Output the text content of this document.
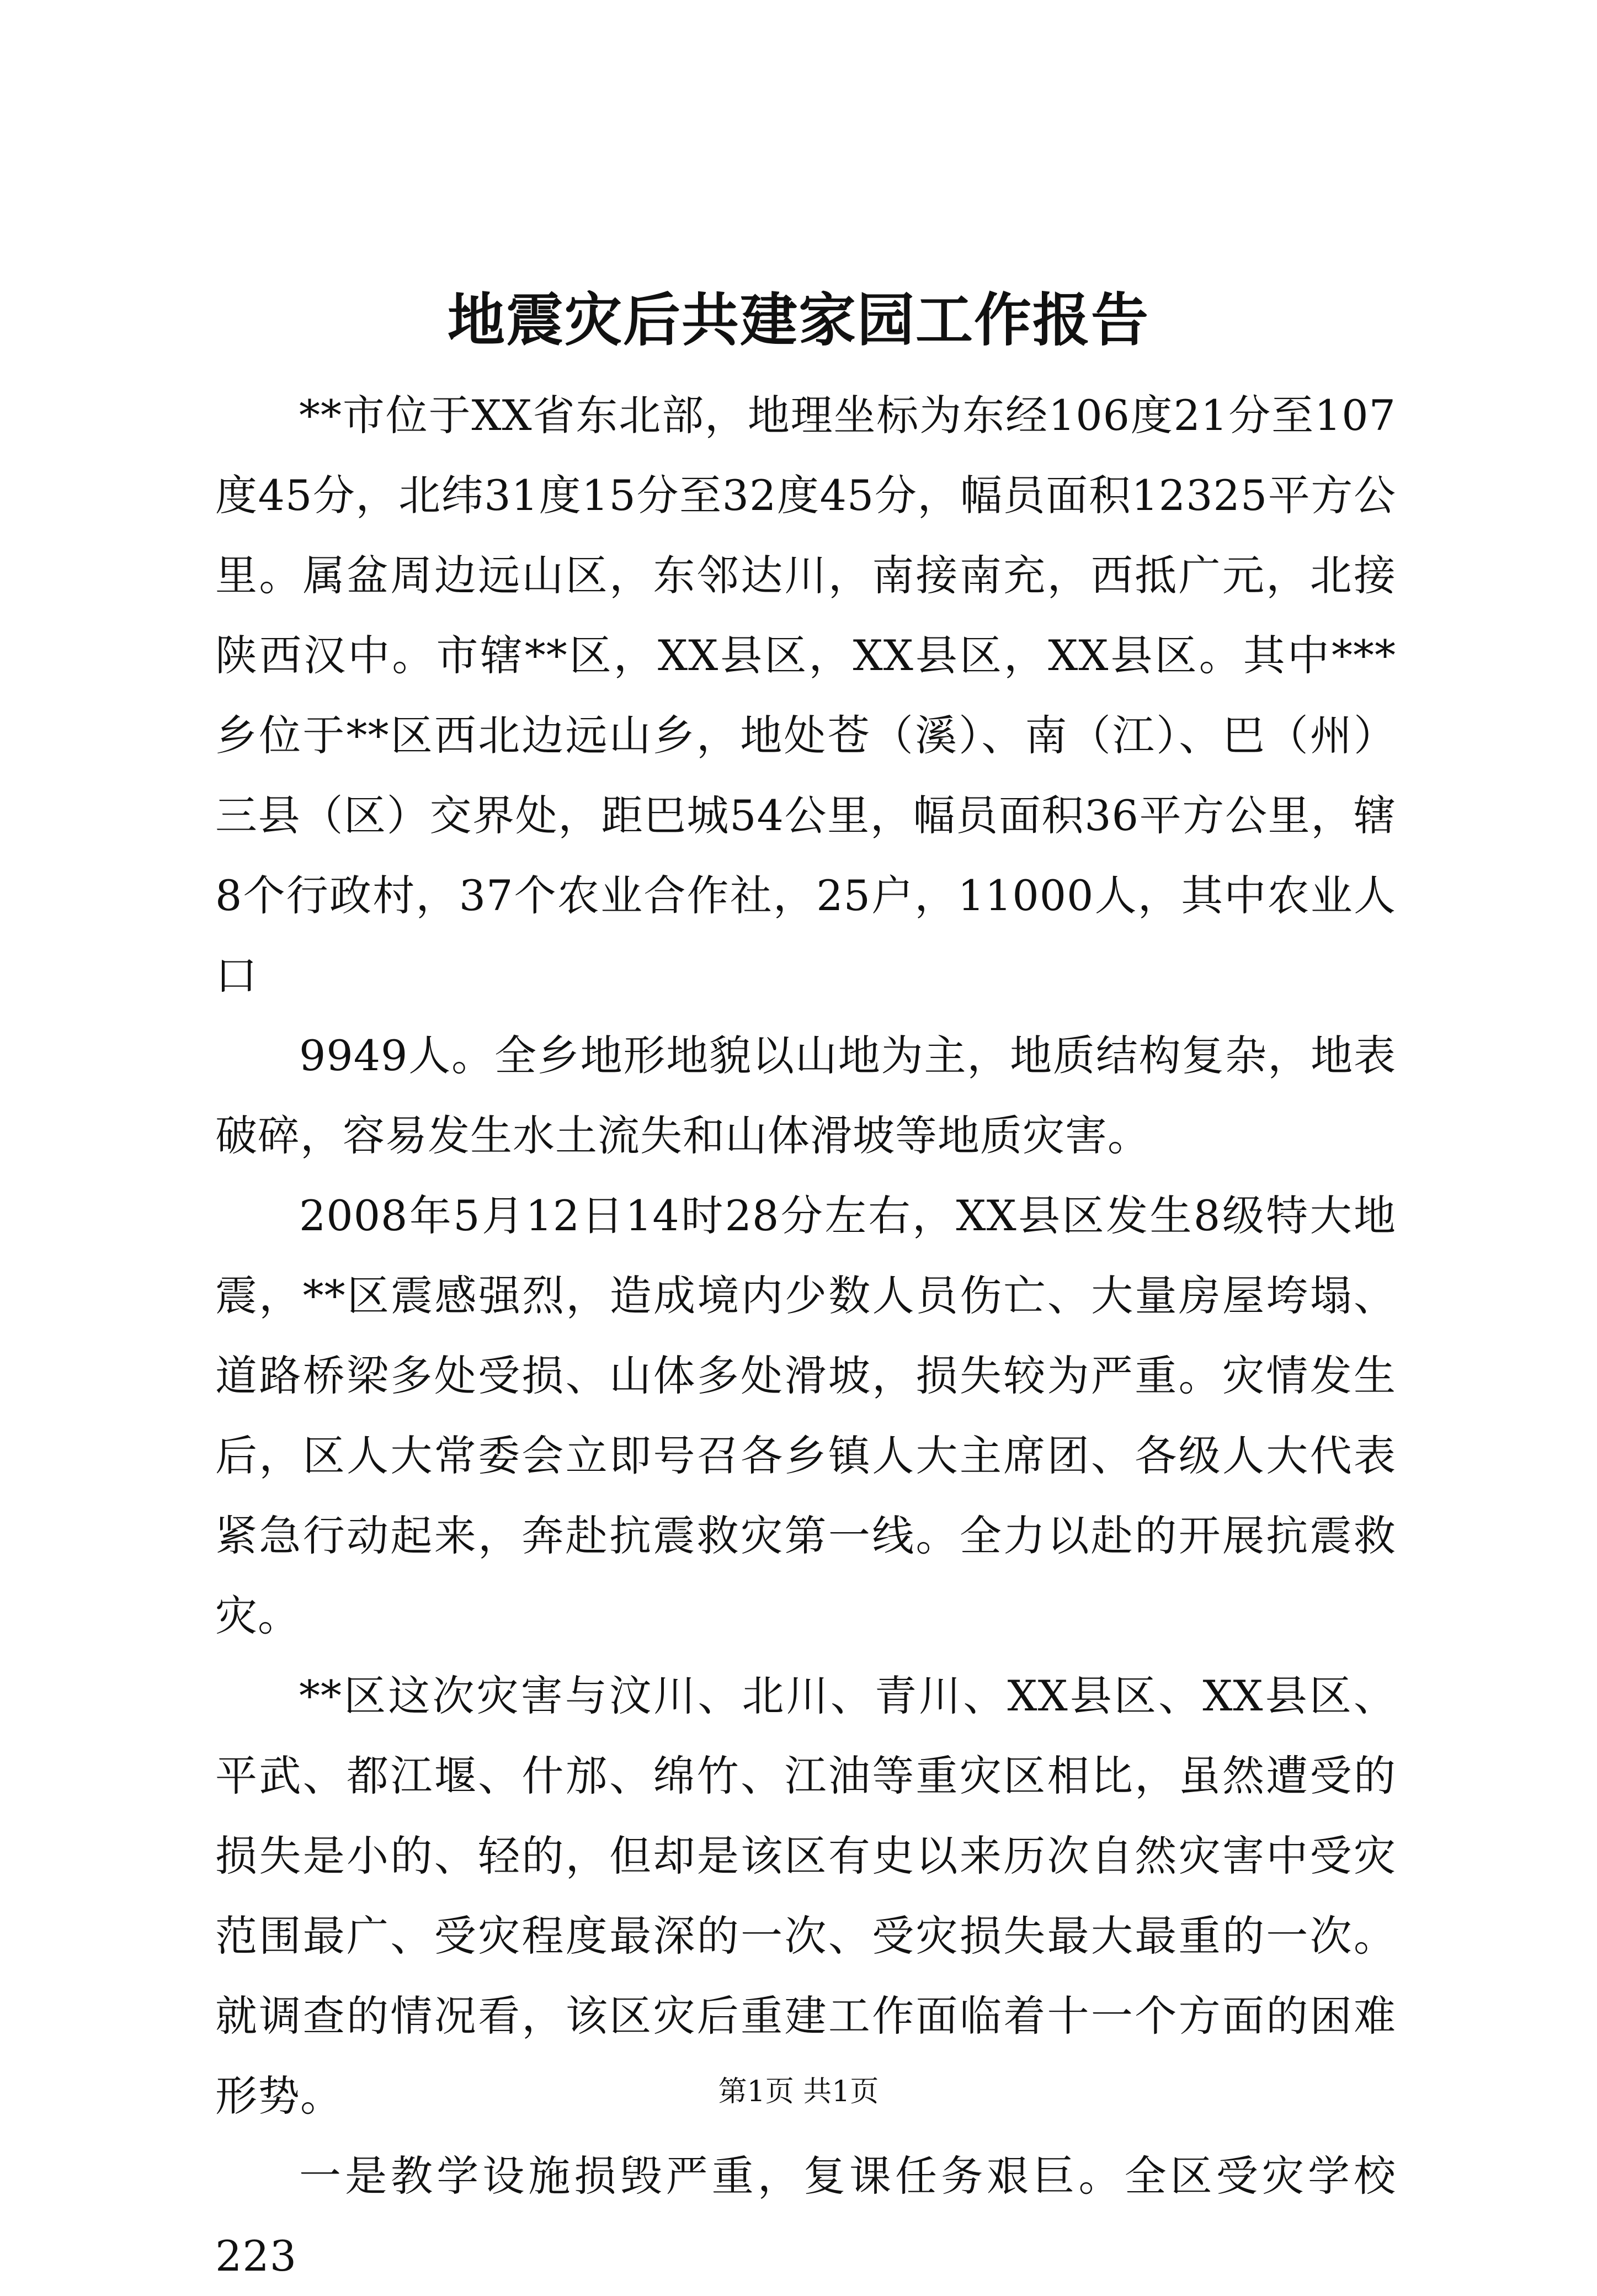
地震灾后共建家园工作报告

**市位于XX省东北部，地理坐标为东经106度21分至107度45分，北纬31度15分至32度45分，幅员面积12325平方公里。属盆周边远山区，东邻达川，南接南充，西抵广元，北接陕西汉中。市辖**区，XX县区，XX县区，XX县区。其中***乡位于**区西北边远山乡，地处苍（溪）、南（江）、巴（州）三县（区）交界处，距巴城54公里，幅员面积36平方公里，辖8个行政村，37个农业合作社，25户，11000人，其中农业人口

9949人。全乡地形地貌以山地为主，地质结构复杂，地表破碎，容易发生水土流失和山体滑坡等地质灾害。

2008年5月12日14时28分左右，XX县区发生8级特大地震，**区震感强烈，造成境内少数人员伤亡、大量房屋垮塌、道路桥梁多处受损、山体多处滑坡，损失较为严重。灾情发生后，区人大常委会立即号召各乡镇人大主席团、各级人大代表紧急行动起来，奔赴抗震救灾第一线。全力以赴的开展抗震救灾。

**区这次灾害与汶川、北川、青川、XX县区、XX县区、平武、都江堰、什邡、绵竹、江油等重灾区相比，虽然遭受的损失是小的、轻的，但却是该区有史以来历次自然灾害中受灾范围最广、受灾程度最深的一次、受灾损失最大最重的一次。就调查的情况看，该区灾后重建工作面临着十一个方面的困难形势。

一是教学设施损毁严重，复课任务艰巨。全区受灾学校223

第1页 共1页
